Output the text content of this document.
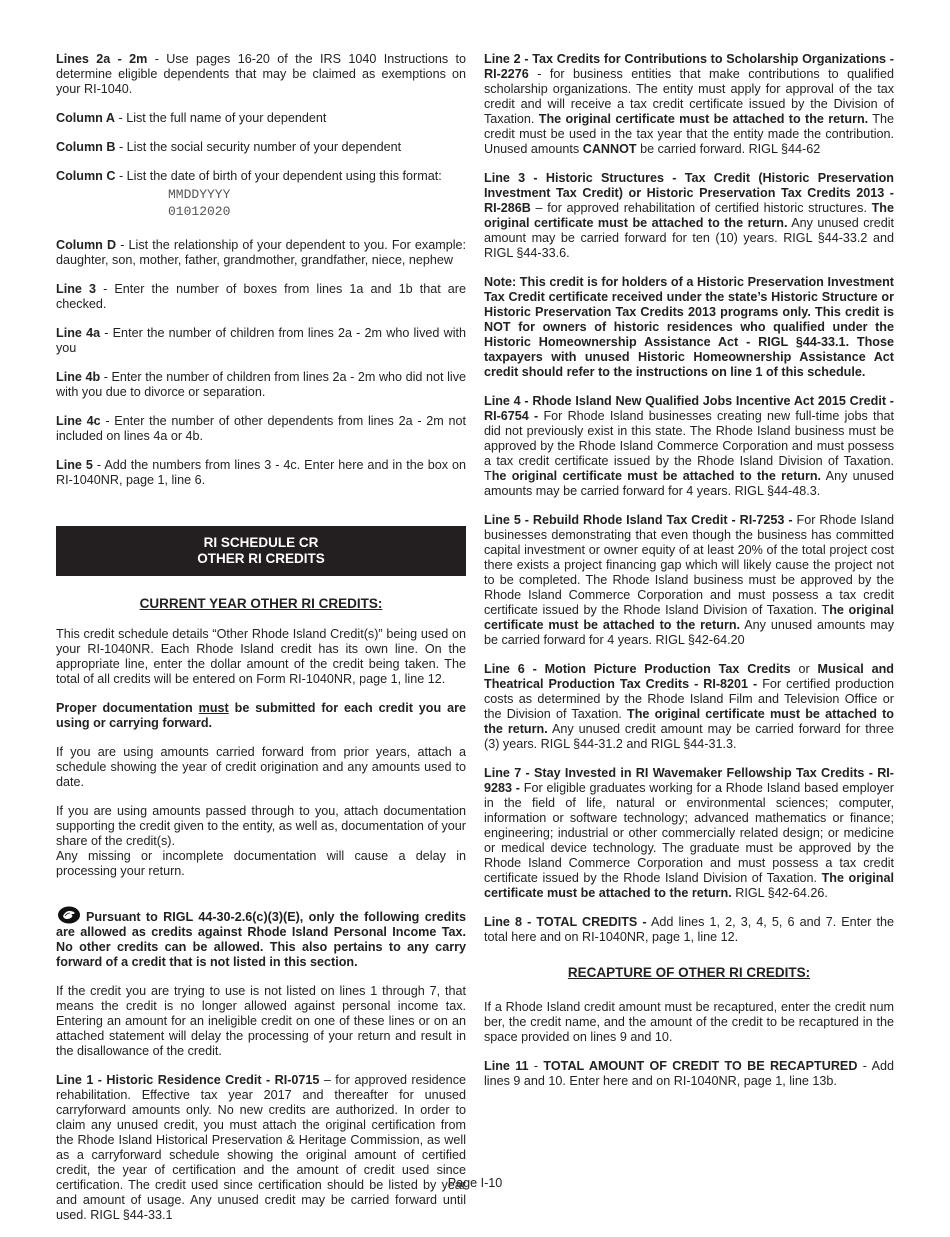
Lines 2a - 2m - Use pages 16-20 of the IRS 1040 Instructions to determine eligible dependents that may be claimed as exemptions on your RI-1040.

Column A - List the full name of your dependent

Column B - List the social security number of your dependent

Column C - List the date of birth of your dependent using this format:

MMDDYYYY
01012020

Column D - List the relationship of your dependent to you. For example: daughter, son, mother, father, grandmother, grandfather, niece, nephew

Line 3 - Enter the number of boxes from lines 1a and 1b that are checked.

Line 4a - Enter the number of children from lines 2a - 2m who lived with you

Line 4b - Enter the number of children from lines 2a - 2m who did not live with you due to divorce or separation.

Line 4c - Enter the number of other dependents from lines 2a - 2m not included on lines 4a or 4b.

Line 5 - Add the numbers from lines 3 - 4c. Enter here and in the box on RI-1040NR, page 1, line 6.

RI SCHEDULE CR
OTHER RI CREDITS
CURRENT YEAR OTHER RI CREDITS:

This credit schedule details “Other Rhode Island Credit(s)” being used on your RI-1040NR. Each Rhode Island credit has its own line. On the appropriate line, enter the dollar amount of the credit being taken. The total of all credits will be entered on Form RI-1040NR, page 1, line 12.

Proper documentation must be submitted for each credit you are using or carrying forward.

If you are using amounts carried forward from prior years, attach a schedule showing the year of credit origination and any amounts used to date.

If you are using amounts passed through to you, attach documentation supporting the credit given to the entity, as well as, documentation of your share of the credit(s).

Any missing or incomplete documentation will cause a delay in processing your return.

Pursuant to RIGL 44-30-2.6(c)(3)(E), only the following credits are allowed as credits against Rhode Island Personal Income Tax. No other credits can be allowed. This also pertains to any carry forward of a credit that is not listed in this section.

If the credit you are trying to use is not listed on lines 1 through 7, that means the credit is no longer allowed against personal income tax. Entering an amount for an ineligible credit on one of these lines or on an attached statement will delay the processing of your return and result in the disallowance of the credit.

Line 1 - Historic Residence Credit - RI-0715 – for approved residence rehabilitation. Effective tax year 2017 and thereafter for unused carryforward amounts only. No new credits are authorized. In order to claim any unused credit, you must attach the original certification from the Rhode Island Historical Preservation & Heritage Commission, as well as a carryforward schedule showing the original amount of certified credit, the year of certification and the amount of credit used since certification. The credit used since certification should be listed by year and amount of usage. Any unused credit may be carried forward until used. RIGL §44-33.1

Line 2 - Tax Credits for Contributions to Scholarship Organizations - RI-2276 - for business entities that make contributions to qualified scholarship organizations. The entity must apply for approval of the tax credit and will receive a tax credit certificate issued by the Division of Taxation. The original certificate must be attached to the return. The credit must be used in the tax year that the entity made the contribution. Unused amounts CANNOT be carried forward. RIGL §44-62

Line 3 - Historic Structures - Tax Credit (Historic Preservation Investment Tax Credit) or Historic Preservation Tax Credits 2013 - RI-286B – for approved rehabilitation of certified historic structures. The original certificate must be attached to the return. Any unused credit amount may be carried forward for ten (10) years. RIGL §44-33.2 and RIGL §44-33.6.

Note: This credit is for holders of a Historic Preservation Investment Tax Credit certificate received under the state’s Historic Structure or Historic Preservation Tax Credits 2013 programs only. This credit is NOT for owners of historic residences who qualified under the Historic Homeownership Assistance Act - RIGL §44-33.1. Those taxpayers with unused Historic Homeownership Assistance Act credit should refer to the instructions on line 1 of this schedule.

Line 4 - Rhode Island New Qualified Jobs Incentive Act 2015 Credit - RI-6754 - For Rhode Island businesses creating new full-time jobs that did not previously exist in this state. The Rhode Island business must be approved by the Rhode Island Commerce Corporation and must possess a tax credit certificate issued by the Rhode Island Division of Taxation. The original certificate must be attached to the return. Any unused amounts may be carried forward for 4 years. RIGL §44-48.3.

Line 5 - Rebuild Rhode Island Tax Credit - RI-7253 - For Rhode Island businesses demonstrating that even though the business has committed capital investment or owner equity of at least 20% of the total project cost there exists a project financing gap which will likely cause the project not to be completed. The Rhode Island business must be approved by the Rhode Island Commerce Corporation and must possess a tax credit certificate issued by the Rhode Island Division of Taxation. The original certificate must be attached to the return. Any unused amounts may be carried forward for 4 years. RIGL §42-64.20

Line 6 - Motion Picture Production Tax Credits or Musical and Theatrical Production Tax Credits - RI-8201 - For certified production costs as determined by the Rhode Island Film and Television Office or the Division of Taxation. The original certificate must be attached to the return. Any unused credit amount may be carried forward for three (3) years. RIGL §44-31.2 and RIGL §44-31.3.

Line 7 - Stay Invested in RI Wavemaker Fellowship Tax Credits - RI-9283 - For eligible graduates working for a Rhode Island based employer in the field of life, natural or environmental sciences; computer, information or software technology; advanced mathematics or finance; engineering; industrial or other commercially related design; or medicine or medical device technology. The graduate must be approved by the Rhode Island Commerce Corporation and must possess a tax credit certificate issued by the Rhode Island Division of Taxation. The original certificate must be attached to the return. RIGL §42-64.26.

Line 8 - TOTAL CREDITS - Add lines 1, 2, 3, 4, 5, 6 and 7. Enter the total here and on RI-1040NR, page 1, line 12.

RECAPTURE OF OTHER RI CREDITS:

If a Rhode Island credit amount must be recaptured, enter the credit num ber, the credit name, and the amount of the credit to be recaptured in the space provided on lines 9 and 10.

Line 11 - TOTAL AMOUNT OF CREDIT TO BE RECAPTURED - Add lines 9 and 10. Enter here and on RI-1040NR, page 1, line 13b.

Page I-10
